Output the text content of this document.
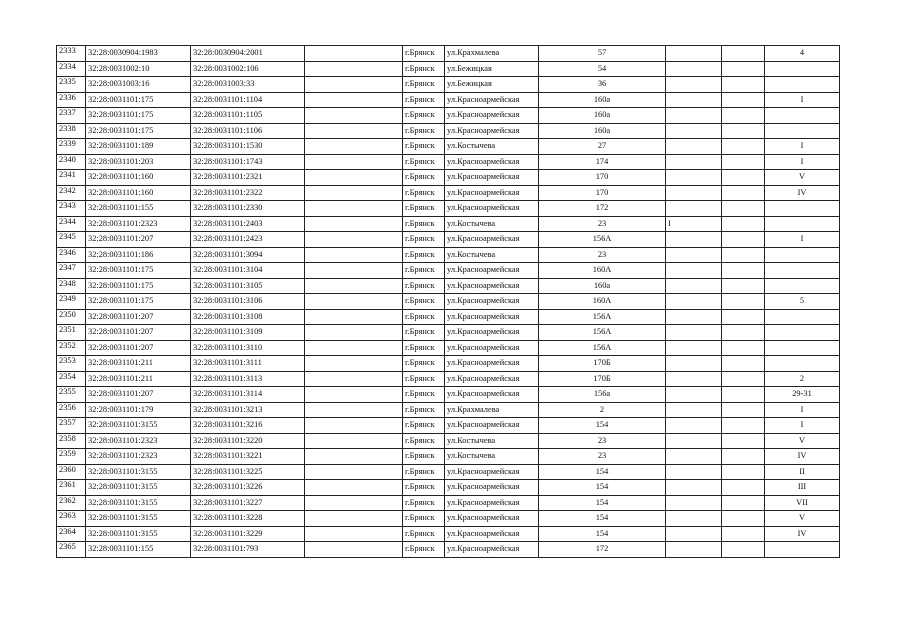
2333	32:28:0030904:1983	32:28:0030904:2001		г.Брянск	ул.Крахмалева	57			4
2334	32:28:0031002:10	32:28:0031002:106		г.Брянск	ул.Бежицкая	54			
2335	32:28:0031003:16	32:28:0031003:33		г.Брянск	ул.Бежицкая	36			
2336	32:28:0031101:175	32:28:0031101:1104		г.Брянск	ул.Красноармейская	160а			I
2337	32:28:0031101:175	32:28:0031101:1105		г.Брянск	ул.Красноармейская	160а			
2338	32:28:0031101:175	32:28:0031101:1106		г.Брянск	ул.Красноармейская	160а			
2339	32:28:0031101:189	32:28:0031101:1530		г.Брянск	ул.Костычева	27			I
2340	32:28:0031101:203	32:28:0031101:1743		г.Брянск	ул.Красноармейская	174			I
2341	32:28:0031101:160	32:28:0031101:2321		г.Брянск	ул.Красноармейская	170			V
2342	32:28:0031101:160	32:28:0031101:2322		г.Брянск	ул.Красноармейская	170			IV
2343	32:28:0031101:155	32:28:0031101:2330		г.Брянск	ул.Красноармейская	172			
2344	32:28:0031101:2323	32:28:0031101:2403		г.Брянск	ул.Костычева	23	I		
2345	32:28:0031101:207	32:28:0031101:2423		г.Брянск	ул.Красноармейская	156А			I
2346	32:28:0031101:186	32:28:0031101:3094		г.Брянск	ул.Костычева	23			
2347	32:28:0031101:175	32:28:0031101:3104		г.Брянск	ул.Красноармейская	160А			
2348	32:28:0031101:175	32:28:0031101:3105		г.Брянск	ул.Красноармейская	160а			
2349	32:28:0031101:175	32:28:0031101:3106		г.Брянск	ул.Красноармейская	160А			5
2350	32:28:0031101:207	32:28:0031101:3108		г.Брянск	ул.Красноармейская	156А			
2351	32:28:0031101:207	32:28:0031101:3109		г.Брянск	ул.Красноармейская	156А			
2352	32:28:0031101:207	32:28:0031101:3110		г.Брянск	ул.Красноармейская	156А			
2353	32:28:0031101:211	32:28:0031101:3111		г.Брянск	ул.Красноармейская	170Б			
2354	32:28:0031101:211	32:28:0031101:3113		г.Брянск	ул.Красноармейская	170Б			2
2355	32:28:0031101:207	32:28:0031101:3114		г.Брянск	ул.Красноармейская	156а			29-31
2356	32:28:0031101:179	32:28:0031101:3213		г.Брянск	ул.Крахмалева	2			I
2357	32:28:0031101:3155	32:28:0031101:3216		г.Брянск	ул.Красноармейская	154			I
2358	32:28:0031101:2323	32:28:0031101:3220		г.Брянск	ул.Костычева	23			V
2359	32:28:0031101:2323	32:28:0031101:3221		г.Брянск	ул.Костычева	23			IV
2360	32:28:0031101:3155	32:28:0031101:3225		г.Брянск	ул.Красноармейская	154			II
2361	32:28:0031101:3155	32:28:0031101:3226		г.Брянск	ул.Красноармейская	154			III
2362	32:28:0031101:3155	32:28:0031101:3227		г.Брянск	ул.Красноармейская	154			VII
2363	32:28:0031101:3155	32:28:0031101:3228		г.Брянск	ул.Красноармейская	154			V
2364	32:28:0031101:3155	32:28:0031101:3229		г.Брянск	ул.Красноармейская	154			IV
2365	32:28:0031101:155	32:28:0031101:793		г.Брянск	ул.Красноармейская	172			
